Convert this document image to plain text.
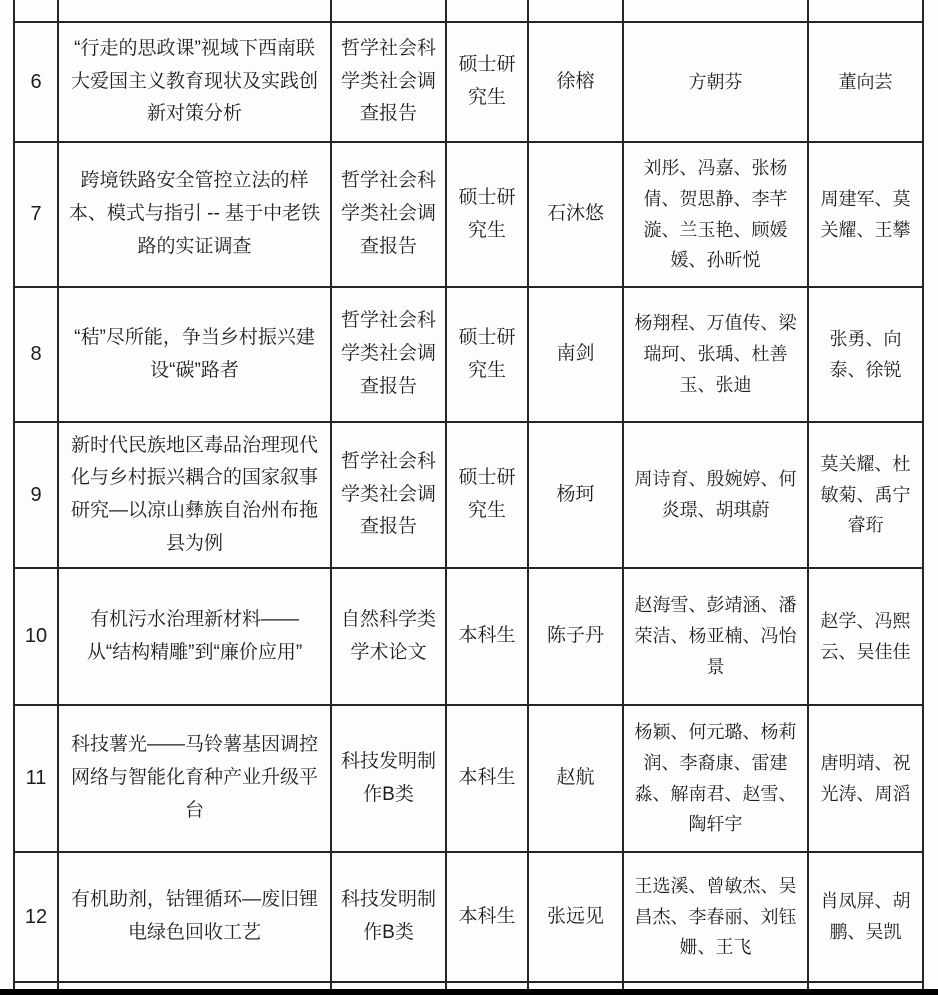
6	“行走的思政课”视域下西南联大爱国主义教育现状及实践创新对策分析	哲学社会科学类社会调查报告	硕士研究生	徐榕	方朝芬	董向芸
7	跨境铁路安全管控立法的样本、模式与指引 -- 基于中老铁路的实证调查	哲学社会科学类社会调查报告	硕士研究生	石沐悠	刘彤、冯嘉、张杨倩、贺思静、李芊漩、兰玉艳、顾媛媛、孙昕悦	周建军、莫关耀、王攀
8	“秸”尽所能，争当乡村振兴建设“碳”路者	哲学社会科学类社会调查报告	硕士研究生	南剑	杨翔程、万值传、梁瑞珂、张瑀、杜善玉、张迪	张勇、向泰、徐锐
9	新时代民族地区毒品治理现代化与乡村振兴耦合的国家叙事研究—以凉山彝族自治州布拖县为例	哲学社会科学类社会调查报告	硕士研究生	杨珂	周诗育、殷婉婷、何炎璟、胡琪蔚	莫关耀、杜敏菊、禹宁睿珩
10	有机污水治理新材料——从“结构精雕”到“廉价应用”	自然科学类学术论文	本科生	陈子丹	赵海雪、彭靖涵、潘荣洁、杨亚楠、冯怡景	赵学、冯熙云、吴佳佳
11	科技薯光——马铃薯基因调控网络与智能化育种产业升级平台	科技发明制作B类	本科生	赵航	杨颖、何元璐、杨莉润、李裔康、雷建淼、解南君、赵雪、陶轩宇	唐明靖、祝光涛、周滔
12	有机助剂，钴锂循环—废旧锂电绿色回收工艺	科技发明制作B类	本科生	张远见	王选溪、曾敏杰、吴昌杰、李春丽、刘钰姗、王飞	肖凤屏、胡鹏、吴凯
